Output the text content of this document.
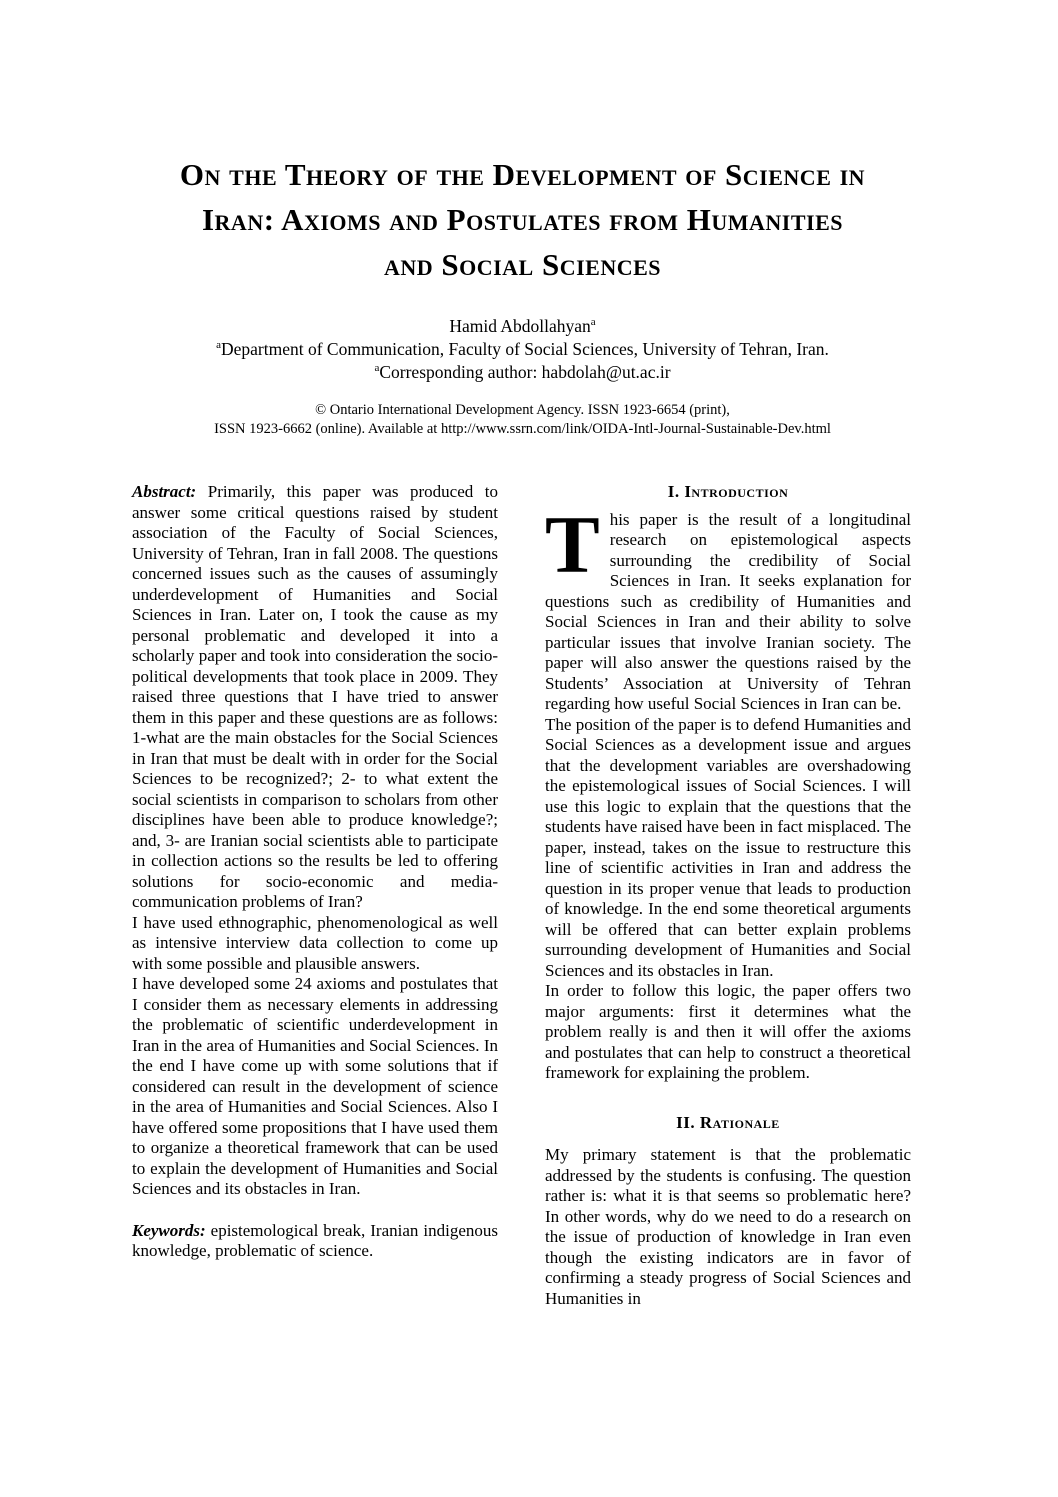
On the Theory of the Development of Science in
Iran: Axioms and Postulates from Humanities
and Social Sciences
Hamid Abdollahyan$^a$
$^a$Department of Communication, Faculty of Social Sciences, University of Tehran, Iran.
$^a$Corresponding author: habdolah@ut.ac.ir
© Ontario International Development Agency. ISSN 1923-6654 (print),
ISSN 1923-6662 (online). Available at http://www.ssrn.com/link/OIDA-Intl-Journal-Sustainable-Dev.html

Abstract: Primarily, this paper was produced to answer some critical questions raised by student association of the Faculty of Social Sciences, University of Tehran, Iran in fall 2008. The questions concerned issues such as the causes of assumingly underdevelopment of Humanities and Social Sciences in Iran. Later on, I took the cause as my personal problematic and developed it into a scholarly paper and took into consideration the socio-political developments that took place in 2009. They raised three questions that I have tried to answer them in this paper and these questions are as follows: 1-what are the main obstacles for the Social Sciences in Iran that must be dealt with in order for the Social Sciences to be recognized?; 2- to what extent the social scientists in comparison to scholars from other disciplines have been able to produce knowledge?; and, 3- are Iranian social scientists able to participate in collection actions so the results be led to offering solutions for socio-economic and media-communication problems of Iran?

I have used ethnographic, phenomenological as well as intensive interview data collection to come up with some possible and plausible answers.

I have developed some 24 axioms and postulates that I consider them as necessary elements in addressing the problematic of scientific underdevelopment in Iran in the area of Humanities and Social Sciences. In the end I have come up with some solutions that if considered can result in the development of science in the area of Humanities and Social Sciences. Also I have offered some propositions that I have used them to organize a theoretical framework that can be used to explain the development of Humanities and Social Sciences and its obstacles in Iran.

Keywords: epistemological break, Iranian indigenous knowledge, problematic of science.

I. Introduction

This paper is the result of a longitudinal research on epistemological aspects surrounding the credibility of Social Sciences in Iran. It seeks explanation for questions such as credibility of Humanities and Social Sciences in Iran and their ability to solve particular issues that involve Iranian society. The paper will also answer the questions raised by the Students’ Association at University of Tehran regarding how useful Social Sciences in Iran can be.

The position of the paper is to defend Humanities and Social Sciences as a development issue and argues that the development variables are overshadowing the epistemological issues of Social Sciences. I will use this logic to explain that the questions that the students have raised have been in fact misplaced. The paper, instead, takes on the issue to restructure this line of scientific activities in Iran and address the question in its proper venue that leads to production of knowledge. In the end some theoretical arguments will be offered that can better explain problems surrounding development of Humanities and Social Sciences and its obstacles in Iran.

In order to follow this logic, the paper offers two major arguments: first it determines what the problem really is and then it will offer the axioms and postulates that can help to construct a theoretical framework for explaining the problem.

II. Rationale

My primary statement is that the problematic addressed by the students is confusing. The question rather is: what it is that seems so problematic here? In other words, why do we need to do a research on the issue of production of knowledge in Iran even though the existing indicators are in favor of confirming a steady progress of Social Sciences and Humanities in
